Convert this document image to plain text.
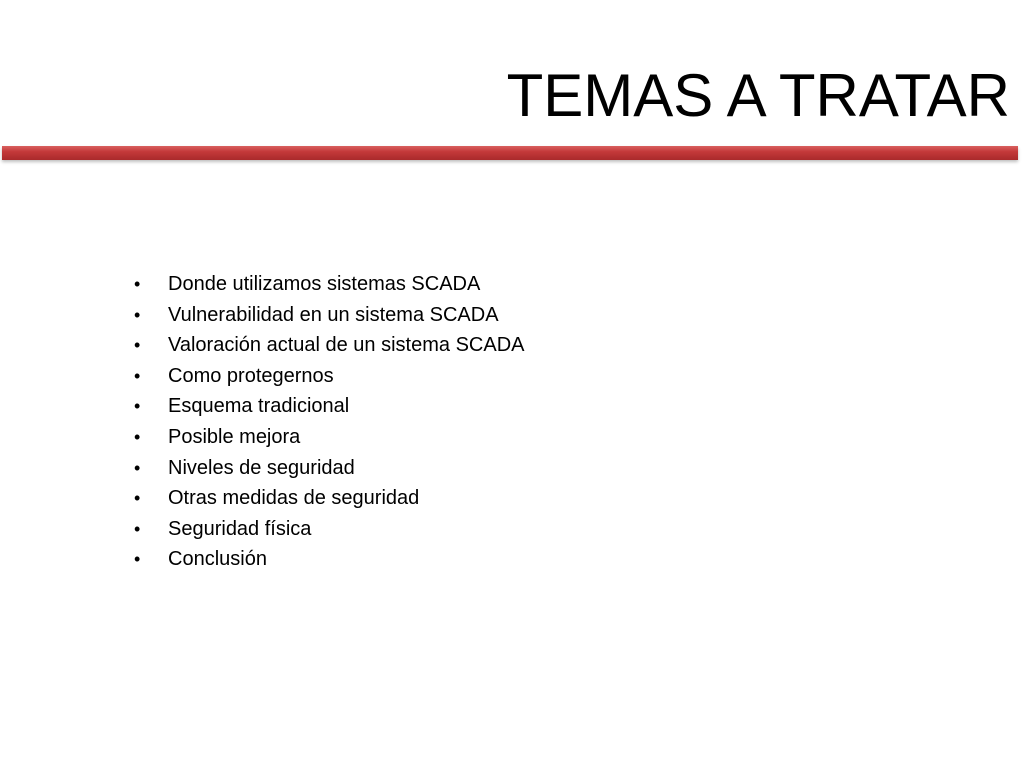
TEMAS A TRATAR
•	Donde utilizamos sistemas SCADA
•	Vulnerabilidad en un sistema SCADA
•	Valoración actual de un sistema SCADA
•	Como protegernos
•	Esquema tradicional
•	Posible mejora
•	Niveles de seguridad
•	Otras medidas de seguridad
•	Seguridad física
•	Conclusión
